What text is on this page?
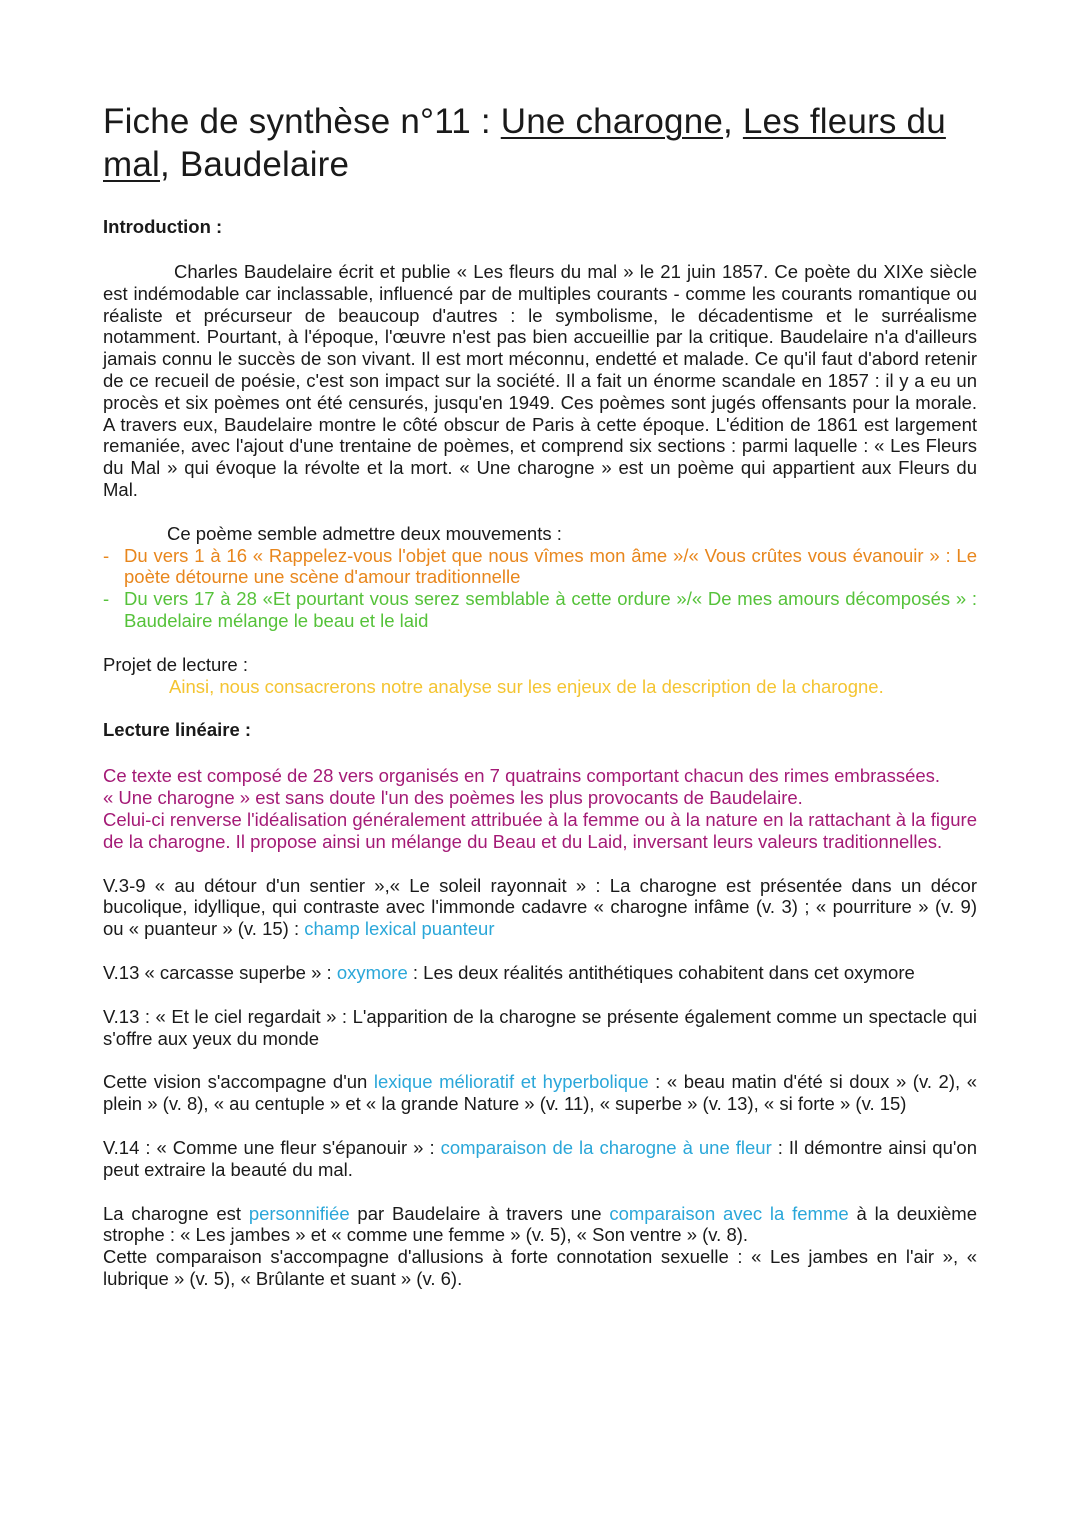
Fiche de synthèse n°11 : Une charogne, Les fleurs du mal, Baudelaire
Introduction :

Charles Baudelaire écrit et publie « Les fleurs du mal » le 21 juin 1857. Ce poète du XIXe siècle est indémodable car inclassable, influencé par de multiples courants - comme les courants romantique ou réaliste et précurseur de beaucoup d'autres : le symbolisme, le décadentisme et le surréalisme notamment. Pourtant, à l'époque, l'œuvre n'est pas bien accueillie par la critique. Baudelaire n'a d'ailleurs jamais connu le succès de son vivant. Il est mort méconnu, endetté et malade. Ce qu'il faut d'abord retenir de ce recueil de poésie, c'est son impact sur la société. Il a fait un énorme scandale en 1857 : il y a eu un procès et six poèmes ont été censurés, jusqu'en 1949. Ces poèmes sont jugés offensants pour la morale. A travers eux, Baudelaire montre le côté obscur de Paris à cette époque. L'édition de 1861 est largement remaniée, avec l'ajout d'une trentaine de poèmes, et comprend six sections : parmi laquelle : « Les Fleurs du Mal » qui évoque la révolte et la mort. « Une charogne » est un poème qui appartient aux Fleurs du Mal.

Ce poème semble admettre deux mouvements :
- Du vers 1 à 16 « Rappelez-vous l'objet que nous vîmes mon âme »/« Vous crûtes vous évanouir » : Le poète détourne une scène d'amour traditionnelle
- Du vers 17 à 28 «Et pourtant vous serez semblable à cette ordure »/« De mes amours décomposés » : Baudelaire mélange le beau et le laid
Projet de lecture :
Ainsi, nous consacrerons notre analyse sur les enjeux de la description de la charogne.
Lecture linéaire :

Ce texte est composé de 28 vers organisés en 7 quatrains comportant chacun des rimes embrassées.

« Une charogne » est sans doute l'un des poèmes les plus provocants de Baudelaire.

Celui-ci renverse l'idéalisation généralement attribuée à la femme ou à la nature en la rattachant à la figure de la charogne. Il propose ainsi un mélange du Beau et du Laid, inversant leurs valeurs traditionnelles.

V.3-9 « au détour d'un sentier »,« Le soleil rayonnait » : La charogne est présentée dans un décor bucolique, idyllique, qui contraste avec l'immonde cadavre « charogne infâme (v. 3) ; « pourriture » (v. 9) ou « puanteur » (v. 15) : champ lexical puanteur

V.13 « carcasse superbe » : oxymore : Les deux réalités antithétiques cohabitent dans cet oxymore

V.13 : « Et le ciel regardait » : L'apparition de la charogne se présente également comme un spectacle qui s'offre aux yeux du monde

Cette vision s'accompagne d'un lexique mélioratif et hyperbolique : « beau matin d'été si doux » (v. 2), « plein » (v. 8), « au centuple » et « la grande Nature » (v. 11), « superbe » (v. 13), « si forte » (v. 15)

V.14 : « Comme une fleur s'épanouir » : comparaison de la charogne à une fleur : Il démontre ainsi qu'on peut extraire la beauté du mal.

La charogne est personnifiée par Baudelaire à travers une comparaison avec la femme à la deuxième strophe : « Les jambes » et « comme une femme » (v. 5), « Son ventre » (v. 8).

Cette comparaison s'accompagne d'allusions à forte connotation sexuelle : « Les jambes en l'air », « lubrique » (v. 5), « Brûlante et suant » (v. 6).
